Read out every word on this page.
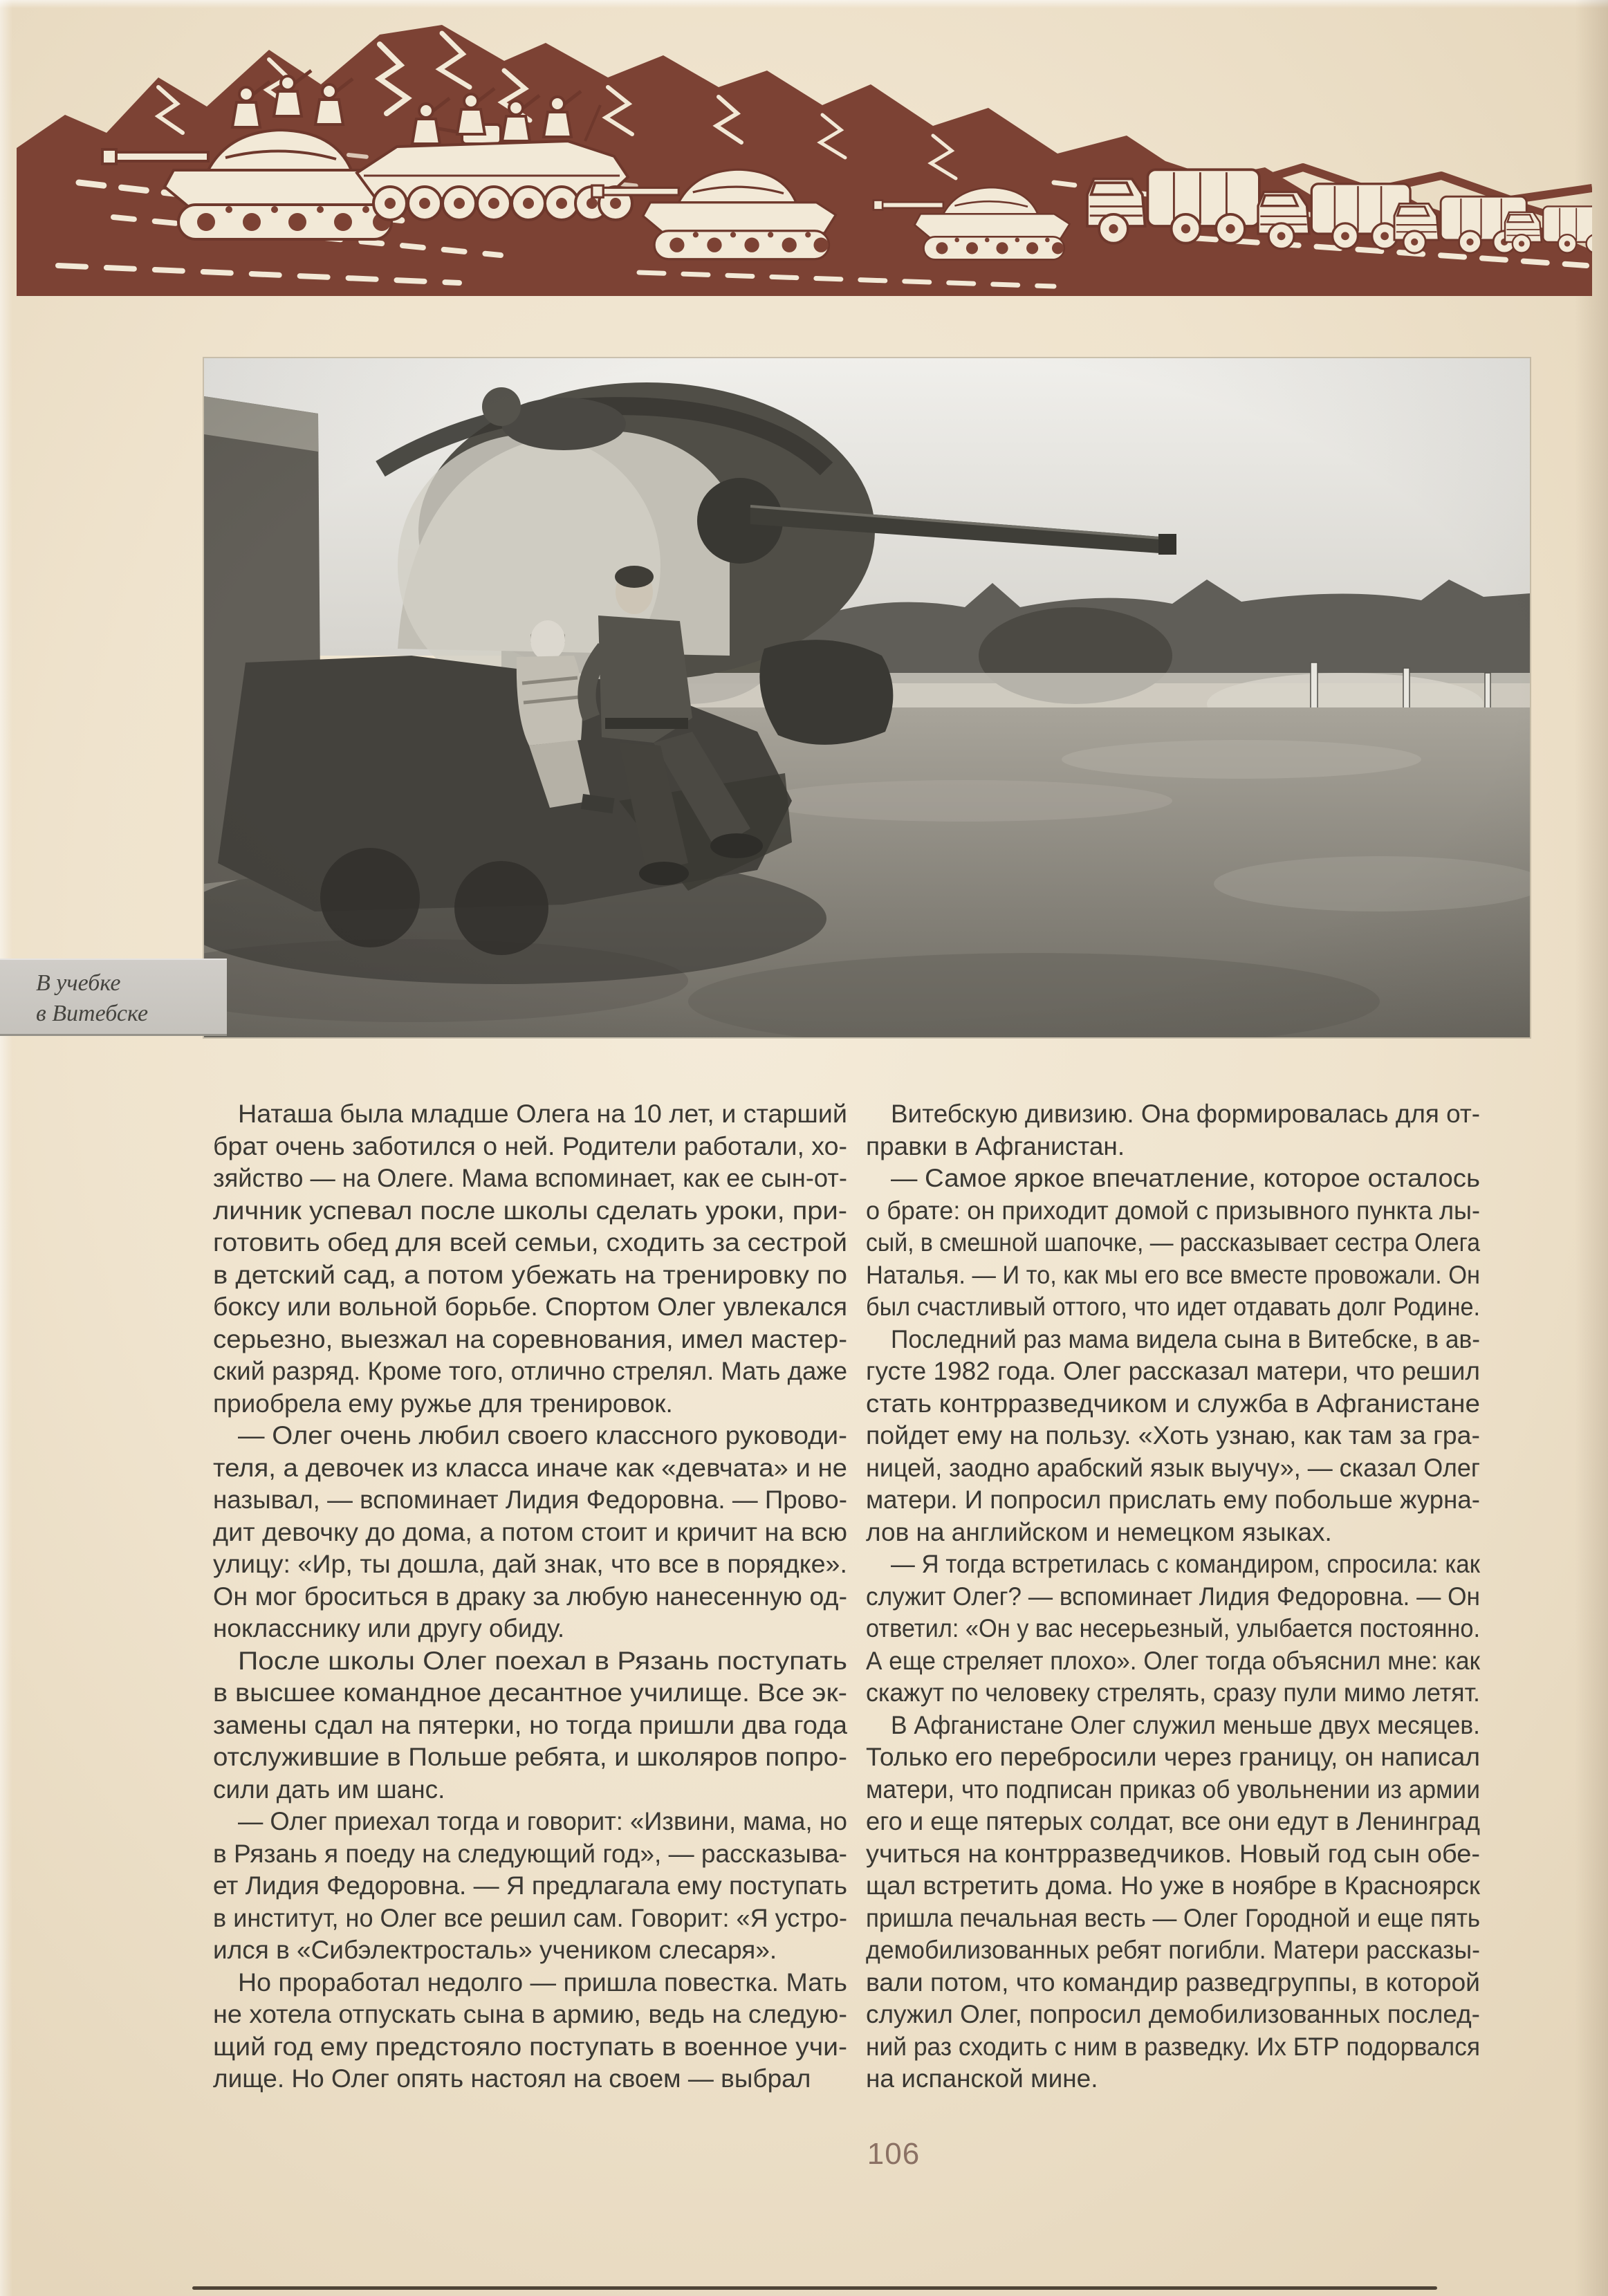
В учебке
в Витебске
Наташа была младше Олега на 10 лет, и старший
брат очень заботился о ней. Родители работали, хо-
зяйство — на Олеге. Мама вспоминает, как ее сын-от-
личник успевал после школы сделать уроки, при-
готовить обед для всей семьи, сходить за сестрой
в детский сад, а потом убежать на тренировку по
боксу или вольной борьбе. Спортом Олег увлекался
серьезно, выезжал на соревнования, имел мастер-
ский разряд. Кроме того, отлично стрелял. Мать даже
приобрела ему ружье для тренировок.
— Олег очень любил своего классного руководи-
теля, а девочек из класса иначе как «девчата» и не
называл, — вспоминает Лидия Федоровна. — Прово-
дит девочку до дома, а потом стоит и кричит на всю
улицу: «Ир, ты дошла, дай знак, что все в порядке».
Он мог броситься в драку за любую нанесенную од-
нокласснику или другу обиду.
После школы Олег поехал в Рязань поступать
в высшее командное десантное училище. Все эк-
замены сдал на пятерки, но тогда пришли два года
отслужившие в Польше ребята, и школяров попро-
сили дать им шанс.
— Олег приехал тогда и говорит: «Извини, мама, но
в Рязань я поеду на следующий год», — рассказыва-
ет Лидия Федоровна. — Я предлагала ему поступать
в институт, но Олег все решил сам. Говорит: «Я устро-
ился в «Сибэлектросталь» учеником слесаря».
Но проработал недолго — пришла повестка. Мать
не хотела отпускать сына в армию, ведь на следую-
щий год ему предстояло поступать в военное учи-
лище. Но Олег опять настоял на своем — выбрал
Витебскую дивизию. Она формировалась для от-
правки в Афганистан.
— Самое яркое впечатление, которое осталось
о брате: он приходит домой с призывного пункта лы-
сый, в смешной шапочке, — рассказывает сестра Олега
Наталья. — И то, как мы его все вместе провожали. Он
был счастливый оттого, что идет отдавать долг Родине.
Последний раз мама видела сына в Витебске, в ав-
густе 1982 года. Олег рассказал матери, что решил
стать контрразведчиком и служба в Афганистане
пойдет ему на пользу. «Хоть узнаю, как там за гра-
ницей, заодно арабский язык выучу», — сказал Олег
матери. И попросил прислать ему побольше журна-
лов на английском и немецком языках.
— Я тогда встретилась с командиром, спросила: как
служит Олег? — вспоминает Лидия Федоровна. — Он
ответил: «Он у вас несерьезный, улыбается постоянно.
А еще стреляет плохо». Олег тогда объяснил мне: как
скажут по человеку стрелять, сразу пули мимо летят.
В Афганистане Олег служил меньше двух месяцев.
Только его перебросили через границу, он написал
матери, что подписан приказ об увольнении из армии
его и еще пятерых солдат, все они едут в Ленинград
учиться на контрразведчиков. Новый год сын обе-
щал встретить дома. Но уже в ноябре в Красноярск
пришла печальная весть — Олег Городной и еще пять
демобилизованных ребят погибли. Матери рассказы-
вали потом, что командир разведгруппы, в которой
служил Олег, попросил демобилизованных послед-
ний раз сходить с ним в разведку. Их БТР подорвался
на испанской мине.
106
